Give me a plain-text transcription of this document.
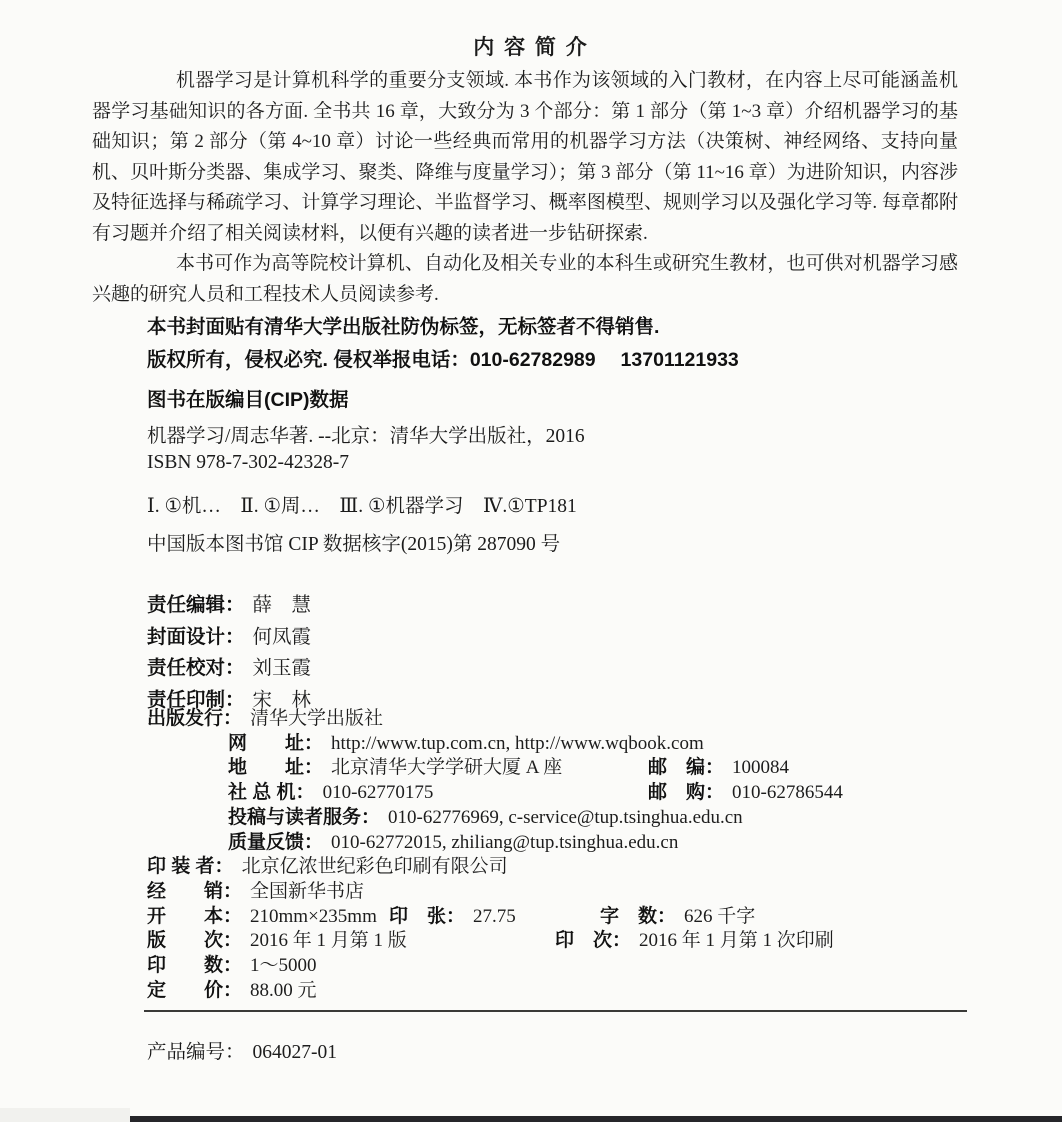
内 容 简 介

机器学习是计算机科学的重要分支领域. 本书作为该领域的入门教材，在内容上尽可能涵盖机器学习基础知识的各方面. 全书共 16 章，大致分为 3 个部分：第 1 部分（第 1~3 章）介绍机器学习的基础知识；第 2 部分（第 4~10 章）讨论一些经典而常用的机器学习方法（决策树、神经网络、支持向量机、贝叶斯分类器、集成学习、聚类、降维与度量学习）；第 3 部分（第 11~16 章）为进阶知识，内容涉及特征选择与稀疏学习、计算学习理论、半监督学习、概率图模型、规则学习以及强化学习等. 每章都附有习题并介绍了相关阅读材料，以便有兴趣的读者进一步钻研探索.

本书可作为高等院校计算机、自动化及相关专业的本科生或研究生教材，也可供对机器学习感兴趣的研究人员和工程技术人员阅读参考.

本书封面贴有清华大学出版社防伪标签，无标签者不得销售.
版权所有，侵权必究. 侵权举报电话：010-62782989　 13701121933
图书在版编目(CIP)数据
机器学习/周志华著. --北京：清华大学出版社，2016
ISBN 978-7-302-42328-7
Ⅰ. ①机…　Ⅱ. ①周…　Ⅲ. ①机器学习　Ⅳ.①TP181
中国版本图书馆 CIP 数据核字(2015)第 287090 号
责任编辑： 薛　慧
封面设计： 何凤霞
责任校对： 刘玉霞
责任印制： 宋　林
出版发行： 清华大学出版社
网　　址： http://www.tup.com.cn, http://www.wqbook.com
地　　址： 北京清华大学学研大厦 A 座	邮　编： 100084
社 总 机： 010-62770175	邮　购： 010-62786544
投稿与读者服务： 010-62776969, c-service@tup.tsinghua.edu.cn
质量反馈： 010-62772015, zhiliang@tup.tsinghua.edu.cn
印 装 者： 北京亿浓世纪彩色印刷有限公司
经　　销： 全国新华书店
开　　本： 210mm×235mm 印　张： 27.75	字　数： 626 千字
版　　次： 2016 年 1 月第 1 版	印　次： 2016 年 1 月第 1 次印刷
印　　数： 1～5000
定　　价： 88.00 元
产品编号： 064027-01
